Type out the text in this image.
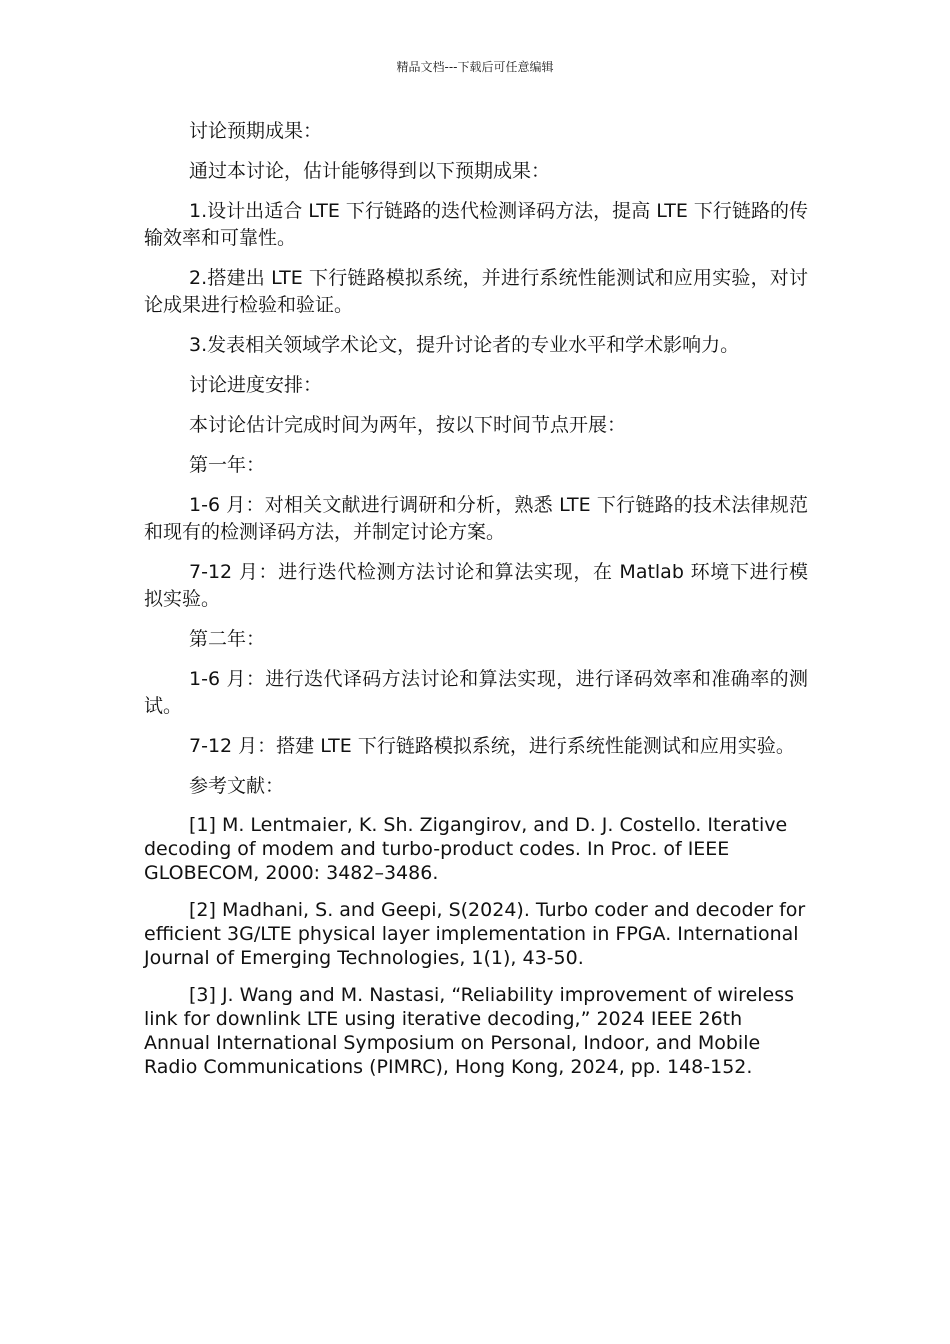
精品文档---下载后可任意编辑

讨论预期成果：

通过本讨论，估计能够得到以下预期成果：

1.设计出适合 LTE 下行链路的迭代检测译码方法，提高 LTE 下行链路的传输效率和可靠性。

2.搭建出 LTE 下行链路模拟系统，并进行系统性能测试和应用实验，对讨论成果进行检验和验证。

3.发表相关领域学术论文，提升讨论者的专业水平和学术影响力。

讨论进度安排：

本讨论估计完成时间为两年，按以下时间节点开展：

第一年：

1-6 月：对相关文献进行调研和分析，熟悉 LTE 下行链路的技术法律规范和现有的检测译码方法，并制定讨论方案。

7-12 月：进行迭代检测方法讨论和算法实现，在 Matlab 环境下进行模拟实验。

第二年：

1-6 月：进行迭代译码方法讨论和算法实现，进行译码效率和准确率的测试。

7-12 月：搭建 LTE 下行链路模拟系统，进行系统性能测试和应用实验。

参考文献：

[1] M. Lentmaier, K. Sh. Zigangirov, and D. J. Costello. Iterative decoding of modem and turbo-product codes. In Proc. of IEEE GLOBECOM, 2000: 3482–3486.

[2] Madhani, S. and Geepi, S(2024). Turbo coder and decoder for efficient 3G/LTE physical layer implementation in FPGA. International Journal of Emerging Technologies, 1(1), 43-50.

[3] J. Wang and M. Nastasi, “Reliability improvement of wireless link for downlink LTE using iterative decoding,” 2024 IEEE 26th Annual International Symposium on Personal, Indoor, and Mobile Radio Communications (PIMRC), Hong Kong, 2024, pp. 148-152.
